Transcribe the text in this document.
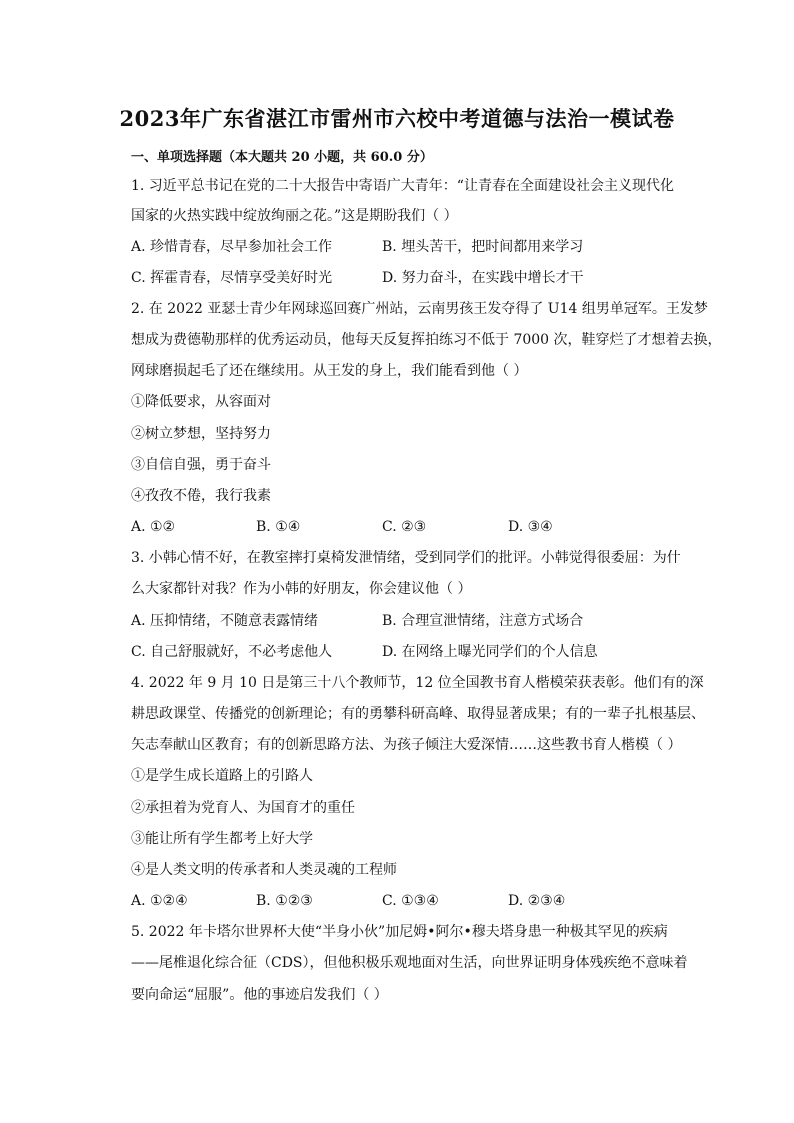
2023年广东省湛江市雷州市六校中考道德与法治一模试卷
一、单项选择题（本大题共 20 小题，共 60.0 分）
1. 习近平总书记在党的二十大报告中寄语广大青年：“让青春在全面建设社会主义现代化
国家的火热实践中绽放绚丽之花。”这是期盼我们（ ）
A. 珍惜青春，尽早参加社会工作	B. 埋头苦干，把时间都用来学习
C. 挥霍青春，尽情享受美好时光	D. 努力奋斗，在实践中增长才干
2. 在 2022 亚瑟士青少年网球巡回赛广州站，云南男孩王发夺得了 U14 组男单冠军。王发梦
想成为费德勒那样的优秀运动员，他每天反复挥拍练习不低于 7000 次，鞋穿烂了才想着去换，
网球磨损起毛了还在继续用。从王发的身上，我们能看到他（ ）
①降低要求，从容面对
②树立梦想，坚持努力
③自信自强，勇于奋斗
④孜孜不倦，我行我素
A. ①②	B. ①④	C. ②③	D. ③④
3. 小韩心情不好，在教室摔打桌椅发泄情绪，受到同学们的批评。小韩觉得很委屈：为什
么大家都针对我？作为小韩的好朋友，你会建议他（ ）
A. 压抑情绪，不随意表露情绪	B. 合理宣泄情绪，注意方式场合
C. 自己舒服就好，不必考虑他人	D. 在网络上曝光同学们的个人信息
4. 2022 年 9 月 10 日是第三十八个教师节，12 位全国教书育人楷模荣获表彰。他们有的深
耕思政课堂、传播党的创新理论；有的勇攀科研高峰、取得显著成果；有的一辈子扎根基层、
矢志奉献山区教育；有的创新思路方法、为孩子倾注大爱深情……这些教书育人楷模（ ）
①是学生成长道路上的引路人
②承担着为党育人、为国育才的重任
③能让所有学生都考上好大学
④是人类文明的传承者和人类灵魂的工程师
A. ①②④	B. ①②③	C. ①③④	D. ②③④
5. 2022 年卡塔尔世界杯大使“半身小伙”加尼姆•阿尔•穆夫塔身患一种极其罕见的疾病
——尾椎退化综合征（CDS），但他积极乐观地面对生活，向世界证明身体残疾绝不意味着
要向命运“屈服”。他的事迹启发我们（ ）
